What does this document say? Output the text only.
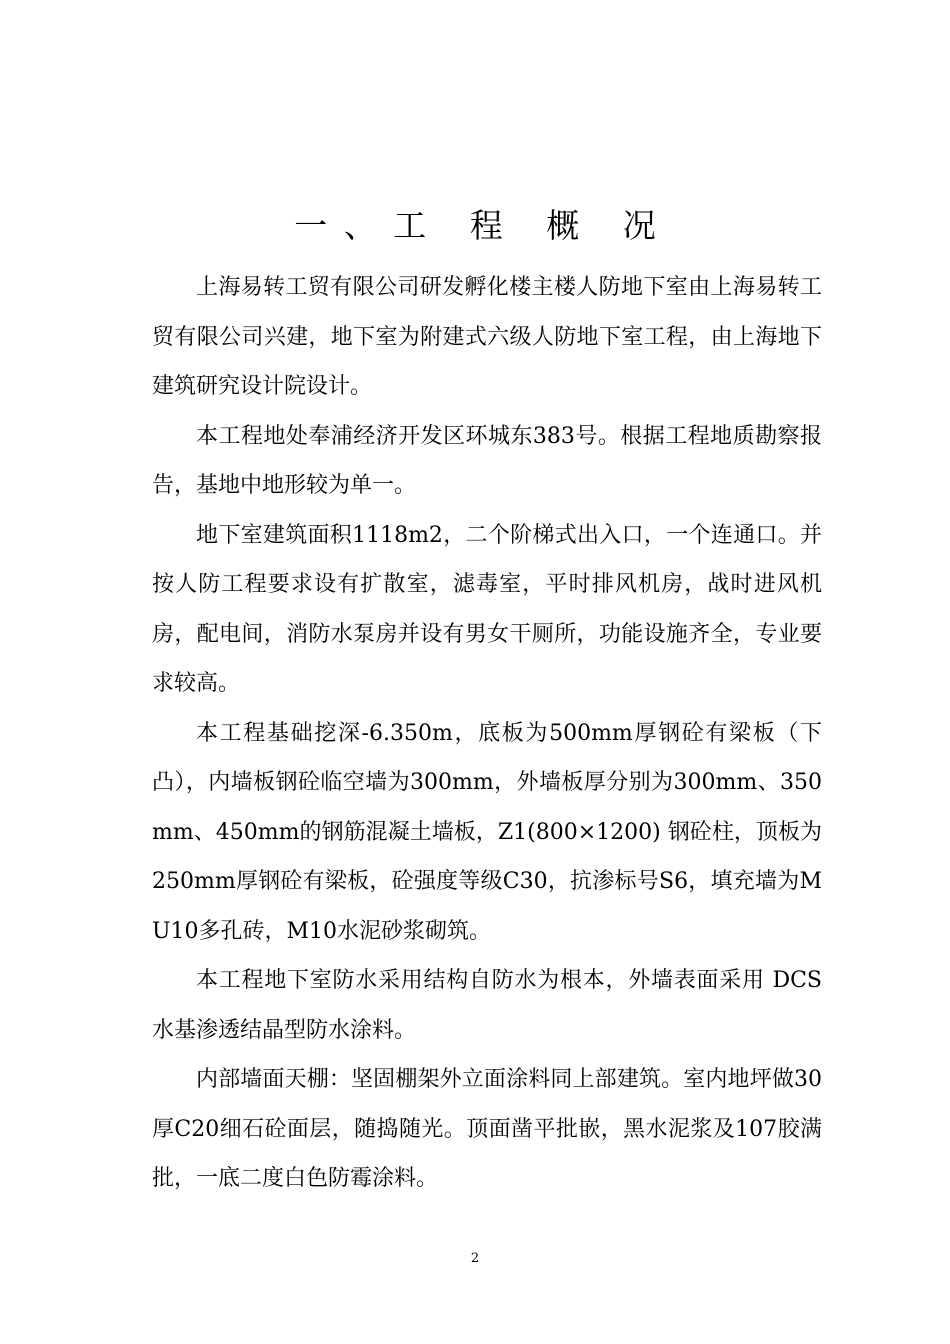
一、工 程 概 况

上海易转工贸有限公司研发孵化楼主楼人防地下室由上海易转工贸有限公司兴建，地下室为附建式六级人防地下室工程，由上海地下建筑研究设计院设计。

本工程地处奉浦经济开发区环城东383号。根据工程地质勘察报告，基地中地形较为单一。

地下室建筑面积1118m2，二个阶梯式出入口，一个连通口。并按人防工程要求设有扩散室，滤毒室，平时排风机房，战时进风机房，配电间，消防水泵房并设有男女干厕所，功能设施齐全，专业要求较高。

本工程基础挖深-6.350m，底板为500mm厚钢砼有梁板（下凸），内墙板钢砼临空墙为300mm，外墙板厚分别为300mm、350mm、450mm的钢筋混凝土墙板，Z1(800×1200) 钢砼柱，顶板为250mm厚钢砼有梁板，砼强度等级C30，抗渗标号S6，填充墙为MU10多孔砖，M10水泥砂浆砌筑。

本工程地下室防水采用结构自防水为根本，外墙表面采用 DCS水基渗透结晶型防水涂料。

内部墙面天棚：坚固棚架外立面涂料同上部建筑。室内地坪做30厚C20细石砼面层，随捣随光。顶面凿平批嵌，黑水泥浆及107胶满批，一底二度白色防霉涂料。

2
